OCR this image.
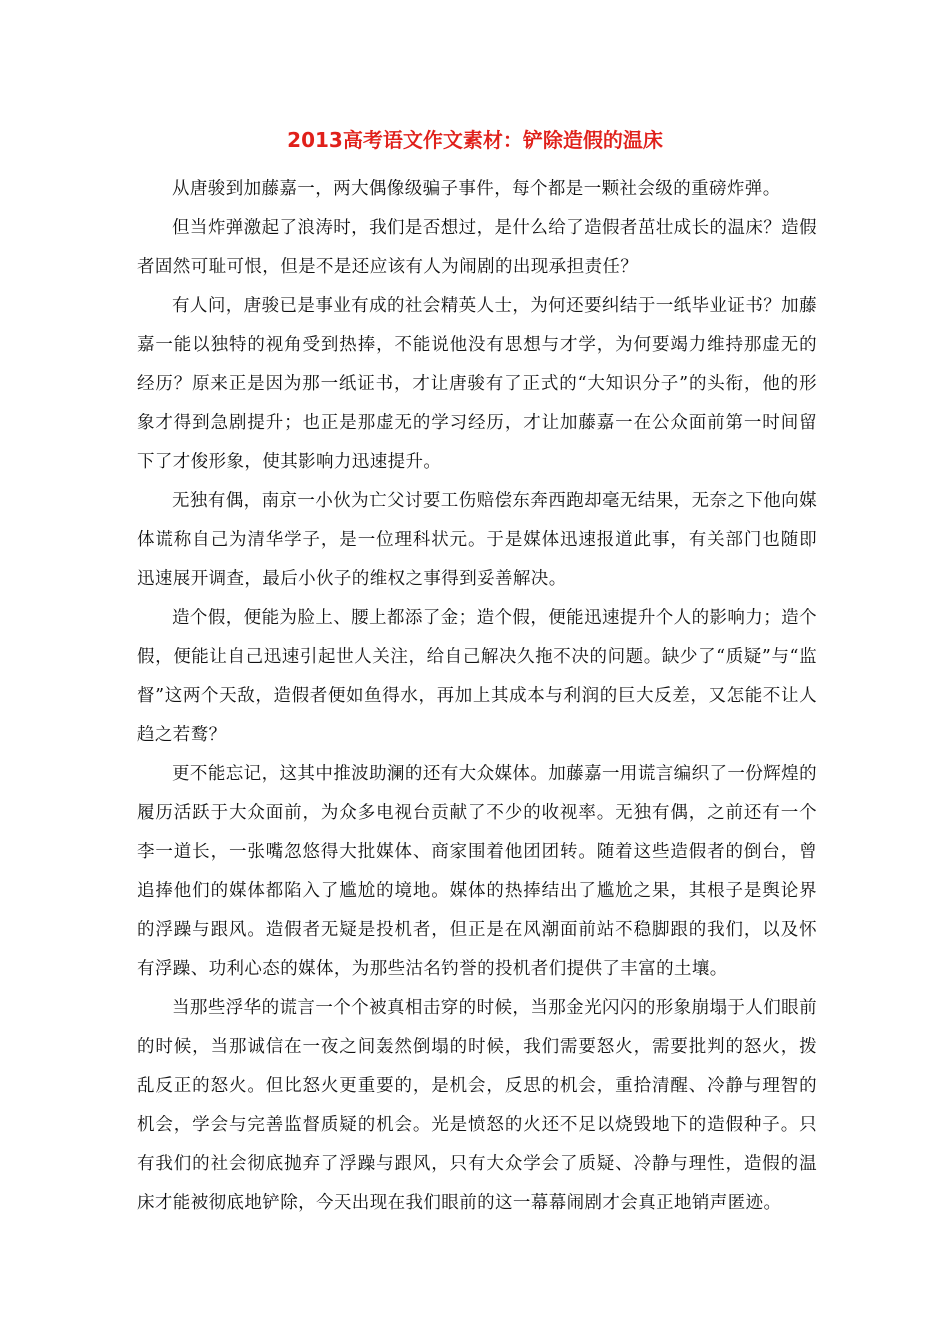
2013高考语文作文素材：铲除造假的温床

从唐骏到加藤嘉一，两大偶像级骗子事件，每个都是一颗社会级的重磅炸弹。

但当炸弹激起了浪涛时，我们是否想过，是什么给了造假者茁壮成长的温床？造假者固然可耻可恨，但是不是还应该有人为闹剧的出现承担责任？

有人问，唐骏已是事业有成的社会精英人士，为何还要纠结于一纸毕业证书？加藤嘉一能以独特的视角受到热捧，不能说他没有思想与才学，为何要竭力维持那虚无的经历？原来正是因为那一纸证书，才让唐骏有了正式的“大知识分子”的头衔，他的形象才得到急剧提升；也正是那虚无的学习经历，才让加藤嘉一在公众面前第一时间留下了才俊形象，使其影响力迅速提升。

无独有偶，南京一小伙为亡父讨要工伤赔偿东奔西跑却毫无结果，无奈之下他向媒体谎称自己为清华学子，是一位理科状元。于是媒体迅速报道此事，有关部门也随即迅速展开调查，最后小伙子的维权之事得到妥善解决。

造个假，便能为脸上、腰上都添了金；造个假，便能迅速提升个人的影响力；造个假，便能让自己迅速引起世人关注，给自己解决久拖不决的问题。缺少了“质疑”与“监督”这两个天敌，造假者便如鱼得水，再加上其成本与利润的巨大反差，又怎能不让人趋之若鹜？

更不能忘记，这其中推波助澜的还有大众媒体。加藤嘉一用谎言编织了一份辉煌的履历活跃于大众面前，为众多电视台贡献了不少的收视率。无独有偶，之前还有一个李一道长，一张嘴忽悠得大批媒体、商家围着他团团转。随着这些造假者的倒台，曾追捧他们的媒体都陷入了尴尬的境地。媒体的热捧结出了尴尬之果，其根子是舆论界的浮躁与跟风。造假者无疑是投机者，但正是在风潮面前站不稳脚跟的我们，以及怀有浮躁、功利心态的媒体，为那些沽名钓誉的投机者们提供了丰富的土壤。

当那些浮华的谎言一个个被真相击穿的时候，当那金光闪闪的形象崩塌于人们眼前的时候，当那诚信在一夜之间轰然倒塌的时候，我们需要怒火，需要批判的怒火，拨乱反正的怒火。但比怒火更重要的，是机会，反思的机会，重拾清醒、冷静与理智的机会，学会与完善监督质疑的机会。光是愤怒的火还不足以烧毁地下的造假种子。只有我们的社会彻底抛弃了浮躁与跟风，只有大众学会了质疑、冷静与理性，造假的温床才能被彻底地铲除，今天出现在我们眼前的这一幕幕闹剧才会真正地销声匿迹。
